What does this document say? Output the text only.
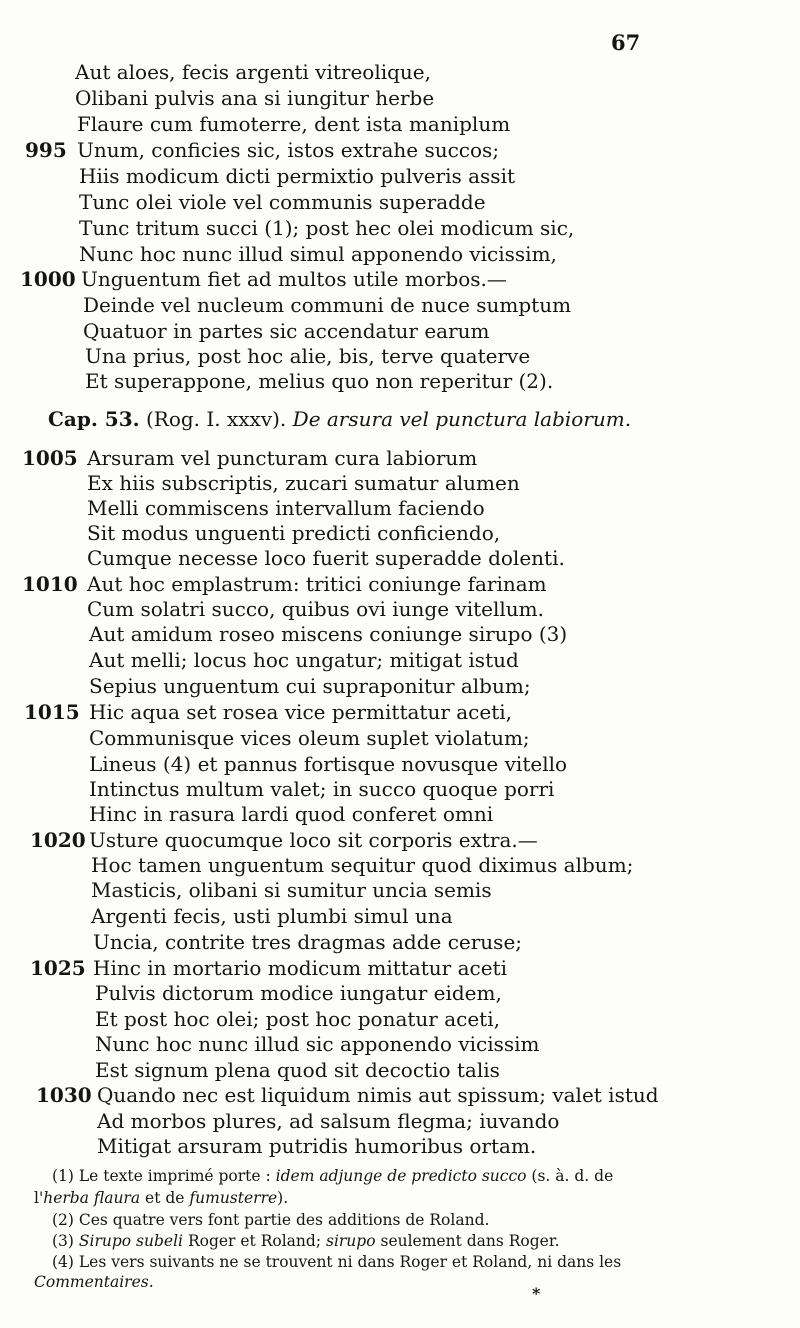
67
Aut aloes, fecis argenti vitreolique,
Olibani pulvis ana si iungitur herbe
Flaure cum fumoterre, dent ista maniplum
995 Unum, conficies sic, istos extrahe succos;
Hiis modicum dicti permixtio pulveris assit
Tunc olei viole vel communis superadde
Tunc tritum succi (1); post hec olei modicum sic,
Nunc hoc nunc illud simul apponendo vicissim,
1000 Unguentum fiet ad multos utile morbos.—
Deinde vel nucleum communi de nuce sumptum
Quatuor in partes sic accendatur earum
Una prius, post hoc alie, bis, terve quaterve
Et superappone, melius quo non reperitur (2).
Cap. 53. (Rog. I. xxxv). De arsura vel punctura labiorum.
1005 Arsuram vel puncturam cura labiorum
Ex hiis subscriptis, zucari sumatur alumen
Melli commiscens intervallum faciendo
Sit modus unguenti predicti conficiendo,
Cumque necesse loco fuerit superadde dolenti.
1010 Aut hoc emplastrum: tritici coniunge farinam
Cum solatri succo, quibus ovi iunge vitellum.
Aut amidum roseo miscens coniunge sirupo (3)
Aut melli; locus hoc ungatur; mitigat istud
Sepius unguentum cui supraponitur album;
1015 Hic aqua set rosea vice permittatur aceti,
Communisque vices oleum suplet violatum;
Lineus (4) et pannus fortisque novusque vitello
Intinctus multum valet; in succo quoque porri
Hinc in rasura lardi quod conferet omni
1020 Usture quocumque loco sit corporis extra.—
Hoc tamen unguentum sequitur quod diximus album;
Masticis, olibani si sumitur uncia semis
Argenti fecis, usti plumbi simul una
Uncia, contrite tres dragmas adde ceruse;
1025 Hinc in mortario modicum mittatur aceti
Pulvis dictorum modice iungatur eidem,
Et post hoc olei; post hoc ponatur aceti,
Nunc hoc nunc illud sic apponendo vicissim
Est signum plena quod sit decoctio talis
1030 Quando nec est liquidum nimis aut spissum; valet istud
Ad morbos plures, ad salsum flegma; iuvando
Mitigat arsuram putridis humoribus ortam.
(1) Le texte imprimé porte : idem adjunge de predicto succo (s. à. d. de
l'herba flaura et de fumusterre).
(2) Ces quatre vers font partie des additions de Roland.
(3) Sirupo subeli Roger et Roland; sirupo seulement dans Roger.
(4) Les vers suivants ne se trouvent ni dans Roger et Roland, ni dans les
Commentaires.
*
